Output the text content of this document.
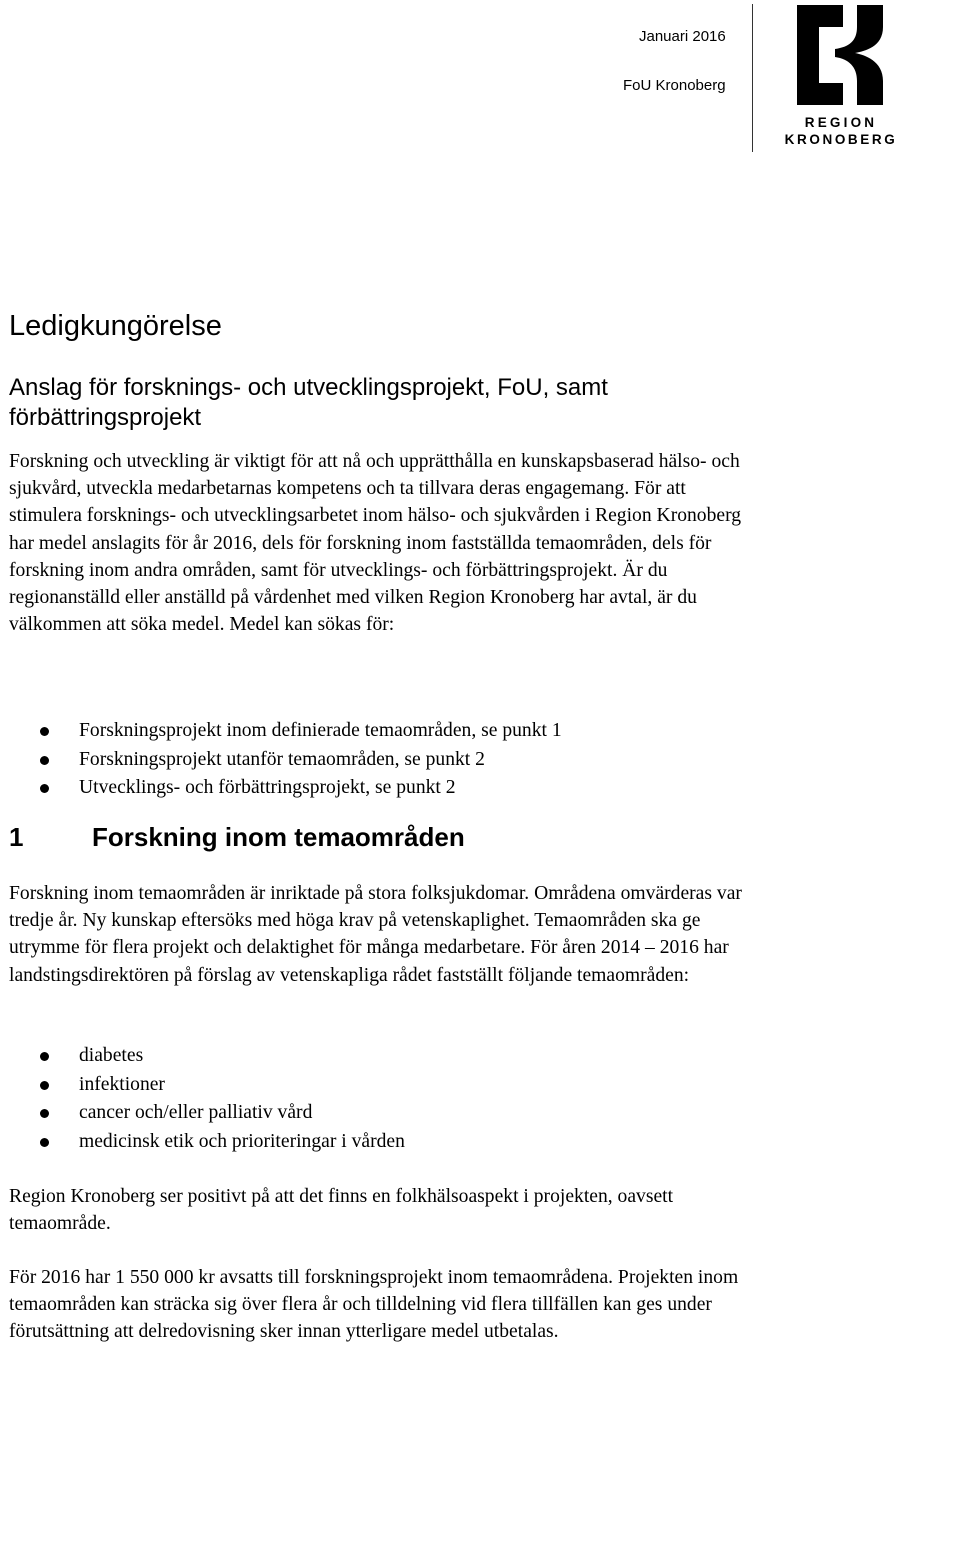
Januari 2016
FoU Kronoberg
REGION
KRONOBERG
Ledigkungörelse
Anslag för forsknings- och utvecklingsprojekt, FoU, samt förbättringsprojekt

Forskning och utveckling är viktigt för att nå och upprätthålla en kunskapsbaserad hälso- och sjukvård, utveckla medarbetarnas kompetens och ta tillvara deras engagemang. För att stimulera forsknings- och utvecklingsarbetet inom hälso- och sjukvården i Region Kronoberg har medel anslagits för år 2016, dels för forskning inom fastställda temaområden, dels för forskning inom andra områden, samt för utvecklings- och förbättringsprojekt. Är du regionanställd eller anställd på vårdenhet med vilken Region Kronoberg har avtal, är du välkommen att söka medel. Medel kan sökas för:

Forskningsprojekt inom definierade temaområden, se punkt 1
Forskningsprojekt utanför temaområden, se punkt 2
Utvecklings- och förbättringsprojekt, se punkt 2
1	Forskning inom temaområden

Forskning inom temaområden är inriktade på stora folksjukdomar. Områdena omvärderas var tredje år. Ny kunskap eftersöks med höga krav på vetenskaplighet. Temaområden ska ge utrymme för flera projekt och delaktighet för många medarbetare. För åren 2014 – 2016 har landstingsdirektören på förslag av vetenskapliga rådet fastställt följande temaområden:

diabetes
infektioner
cancer och/eller palliativ vård
medicinsk etik och prioriteringar i vården

Region Kronoberg ser positivt på att det finns en folkhälsoaspekt i projekten, oavsett temaområde.

För 2016 har 1 550 000 kr avsatts till forskningsprojekt inom temaområdena. Projekten inom temaområden kan sträcka sig över flera år och tilldelning vid flera tillfällen kan ges under förutsättning att delredovisning sker innan ytterligare medel utbetalas.
